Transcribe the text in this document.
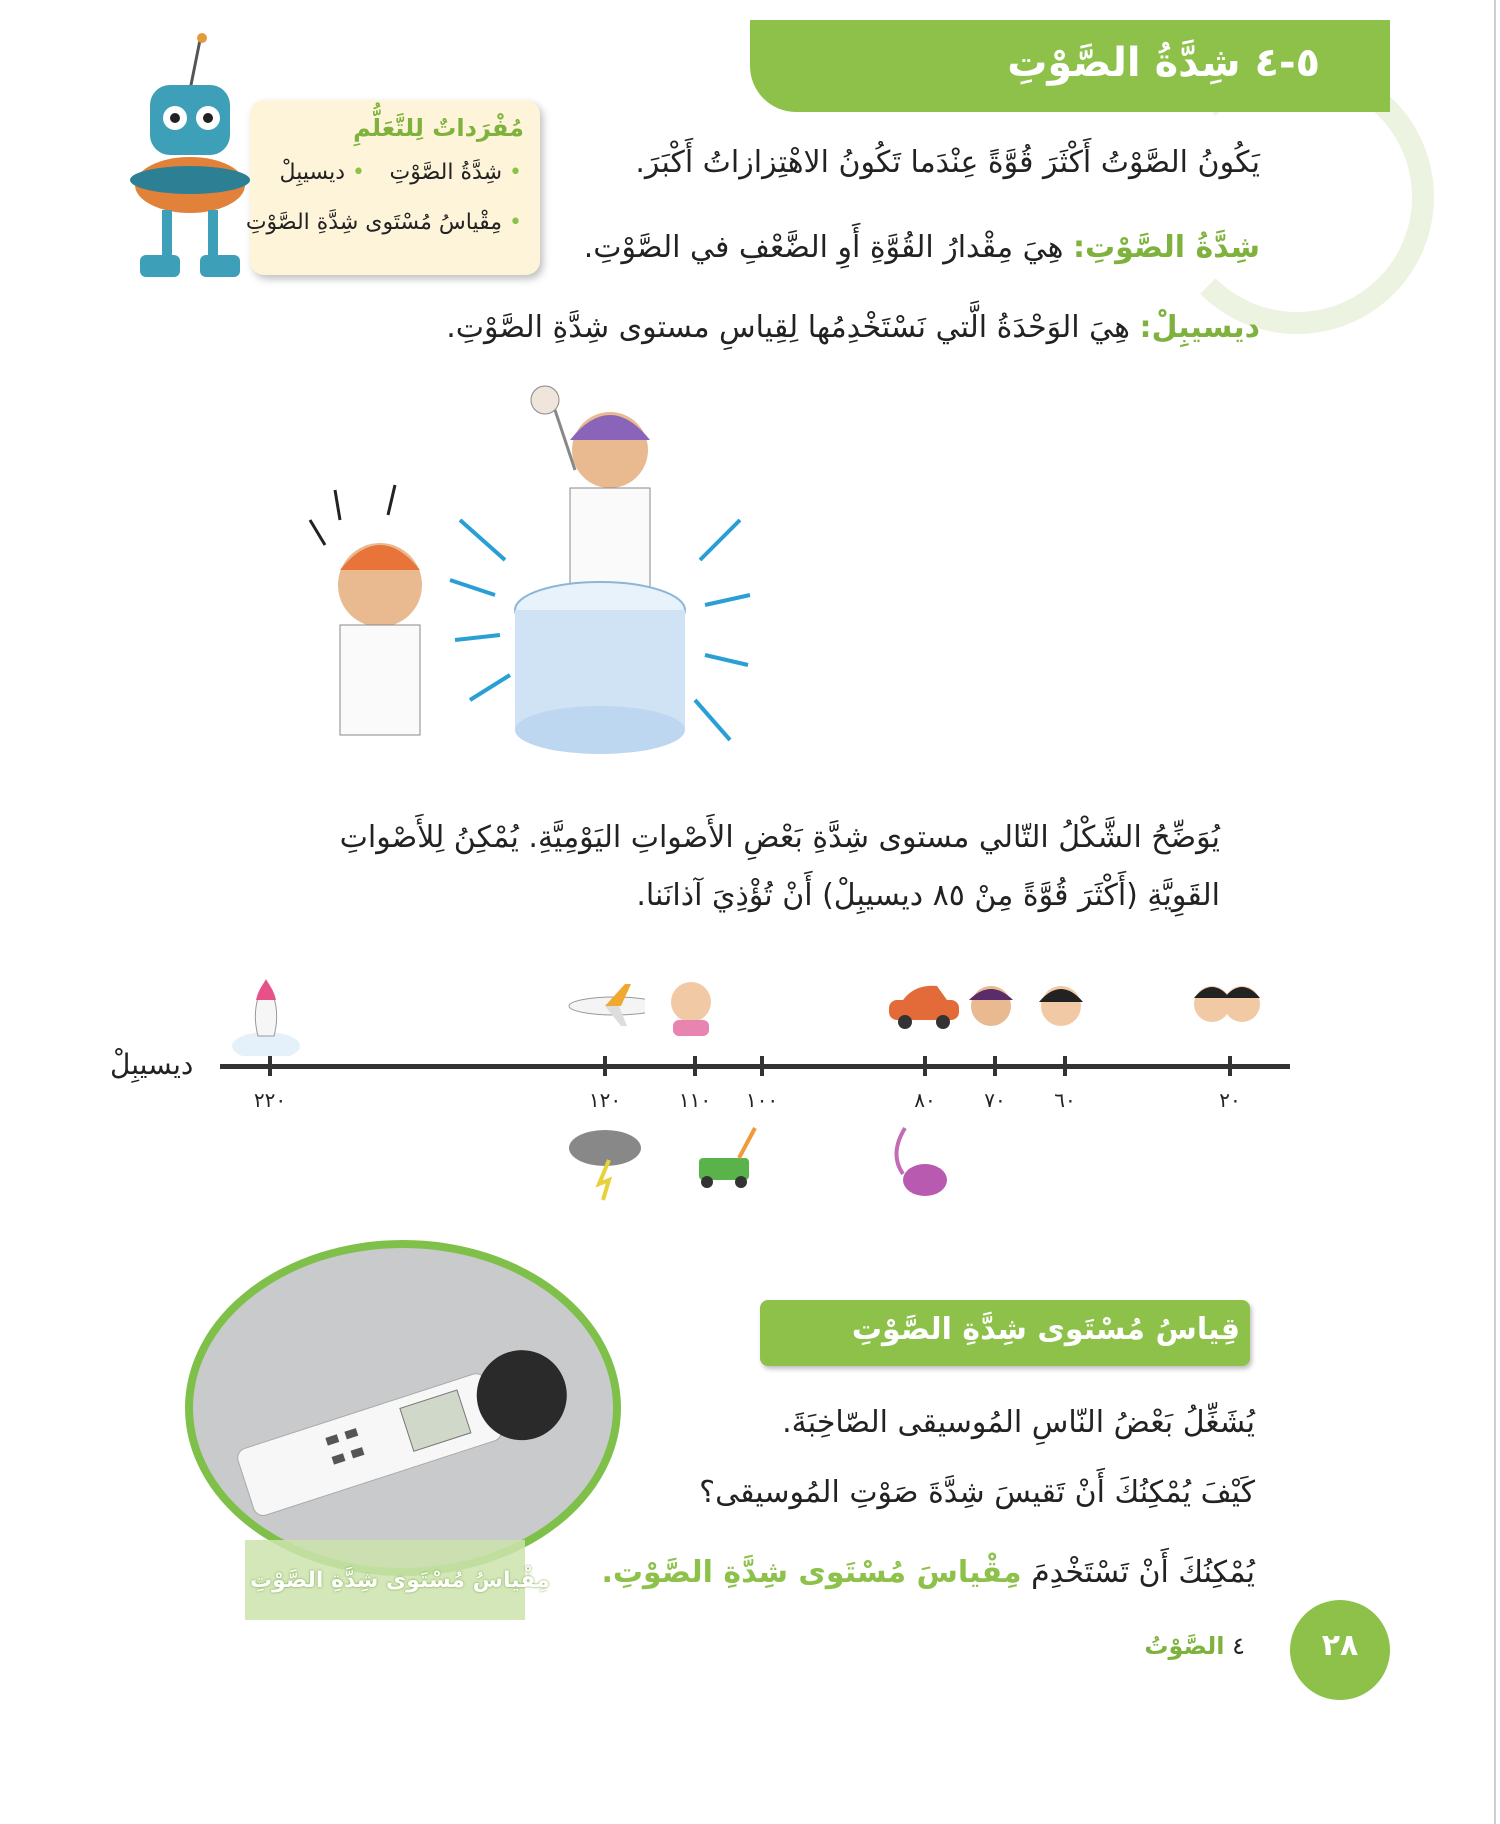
٥-٤ شِدَّةُ الصَّوْتِ
مُفْرَداتٌ لِلتَّعَلُّمِ
• شِدَّةُ الصَّوْتِ
• ديسيبِلْ
• مِقْياسُ مُسْتَوى شِدَّةِ الصَّوْتِ
يَكُونُ الصَّوْتُ أَكْثَرَ قُوَّةً عِنْدَما تَكُونُ الاهْتِزازاتُ أَكْبَرَ.
شِدَّةُ الصَّوْتِ: هِيَ مِقْدارُ القُوَّةِ أَوِ الضَّعْفِ في الصَّوْتِ.
ديسيبِلْ: هِيَ الوَحْدَةُ الَّتي نَسْتَخْدِمُها لِقِياسِ مستوى شِدَّةِ الصَّوْتِ.
يُوَضِّحُ الشَّكْلُ التّالي مستوى شِدَّةِ بَعْضِ الأَصْواتِ اليَوْمِيَّةِ. يُمْكِنُ لِلأَصْواتِ
القَوِيَّةِ (أَكْثَرَ قُوَّةً مِنْ ٨٥ ديسيبِلْ) أَنْ تُؤْذِيَ آذانَنا.
ديسيبِلْ
٢٠
٦٠
٧٠
٨٠
١٠٠
١١٠
١٢٠
٢٢٠
قِياسُ مُسْتَوى شِدَّةِ الصَّوْتِ
مِقْياسُ مُسْتَوى شِدَّةِ الصَّوْتِ
يُشَغِّلُ بَعْضُ النّاسِ المُوسيقى الصّاخِبَةَ.
كَيْفَ يُمْكِنُكَ أَنْ تَقيسَ شِدَّةَ صَوْتِ المُوسيقى؟
يُمْكِنُكَ أَنْ تَسْتَخْدِمَ مِقْياسَ مُسْتَوى شِدَّةِ الصَّوْتِ.
٢٨
٤ الصَّوْتُ
